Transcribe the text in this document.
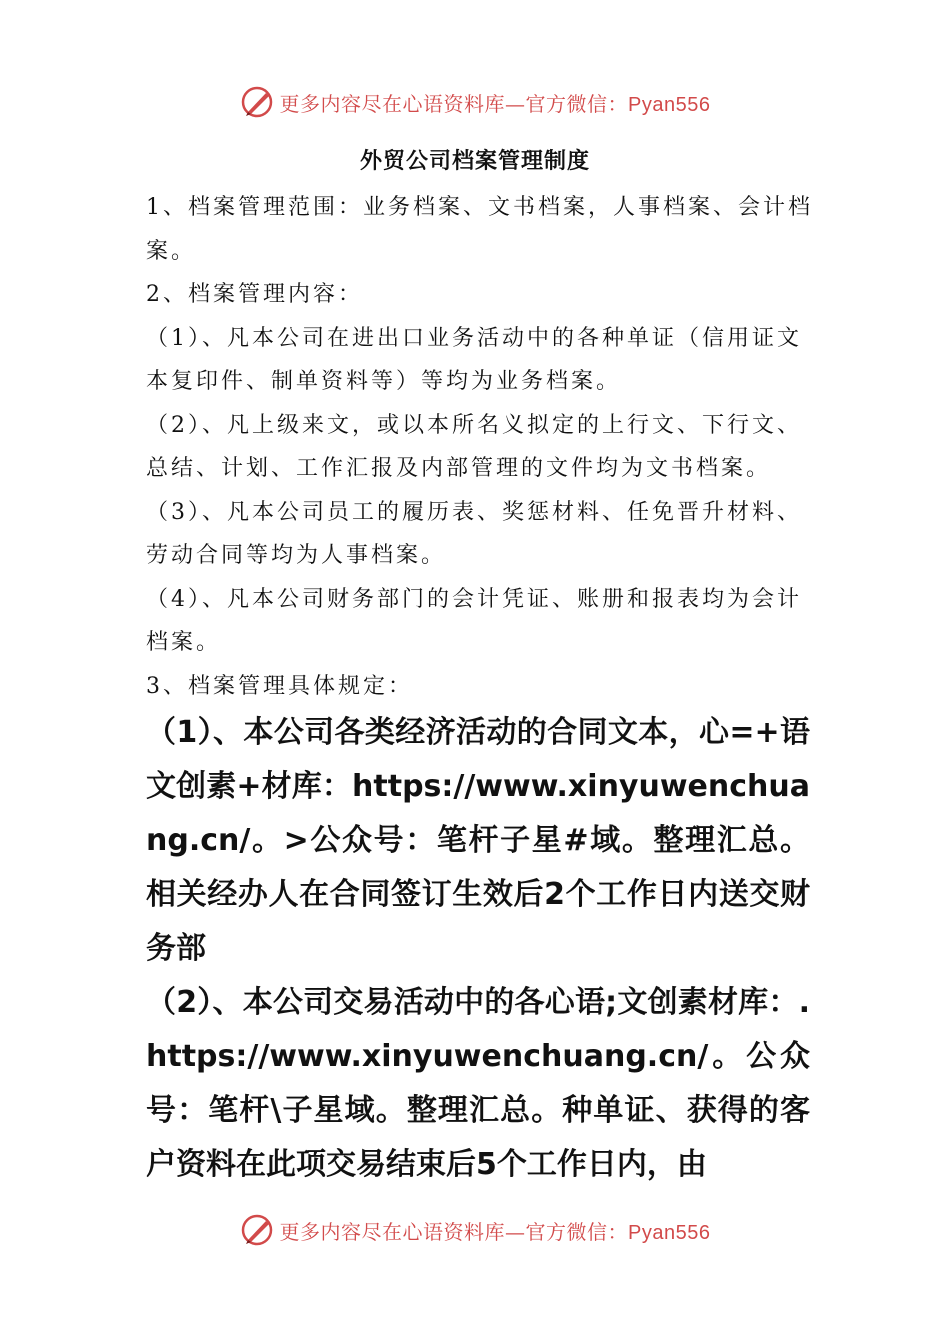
更多内容尽在心语资料库—官方微信：Pyan556
外贸公司档案管理制度

1、档案管理范围：业务档案、文书档案，人事档案、会计档案。

2、档案管理内容：

（1）、凡本公司在进出口业务活动中的各种单证（信用证文本复印件、制单资料等）等均为业务档案。

（2）、凡上级来文，或以本所名义拟定的上行文、下行文、总结、计划、工作汇报及内部管理的文件均为文书档案。

（3）、凡本公司员工的履历表、奖惩材料、任免晋升材料、劳动合同等均为人事档案。

（4）、凡本公司财务部门的会计凭证、账册和报表均为会计档案。

3、档案管理具体规定：

（1）、本公司各类经济活动的合同文本，心=+语文创素+材库：https://www.xinyuwenchuang.cn/。>公众号：笔杆子星#域。整理汇总。相关经办人在合同签订生效后2个工作日内送交财务部

（2）、本公司交易活动中的各心语;文创素材库：.https://www.xinyuwenchuang.cn/。公众号：笔杆\子星域。整理汇总。种单证、获得的客户资料在此项交易结束后5个工作日内，由

更多内容尽在心语资料库—官方微信：Pyan556
